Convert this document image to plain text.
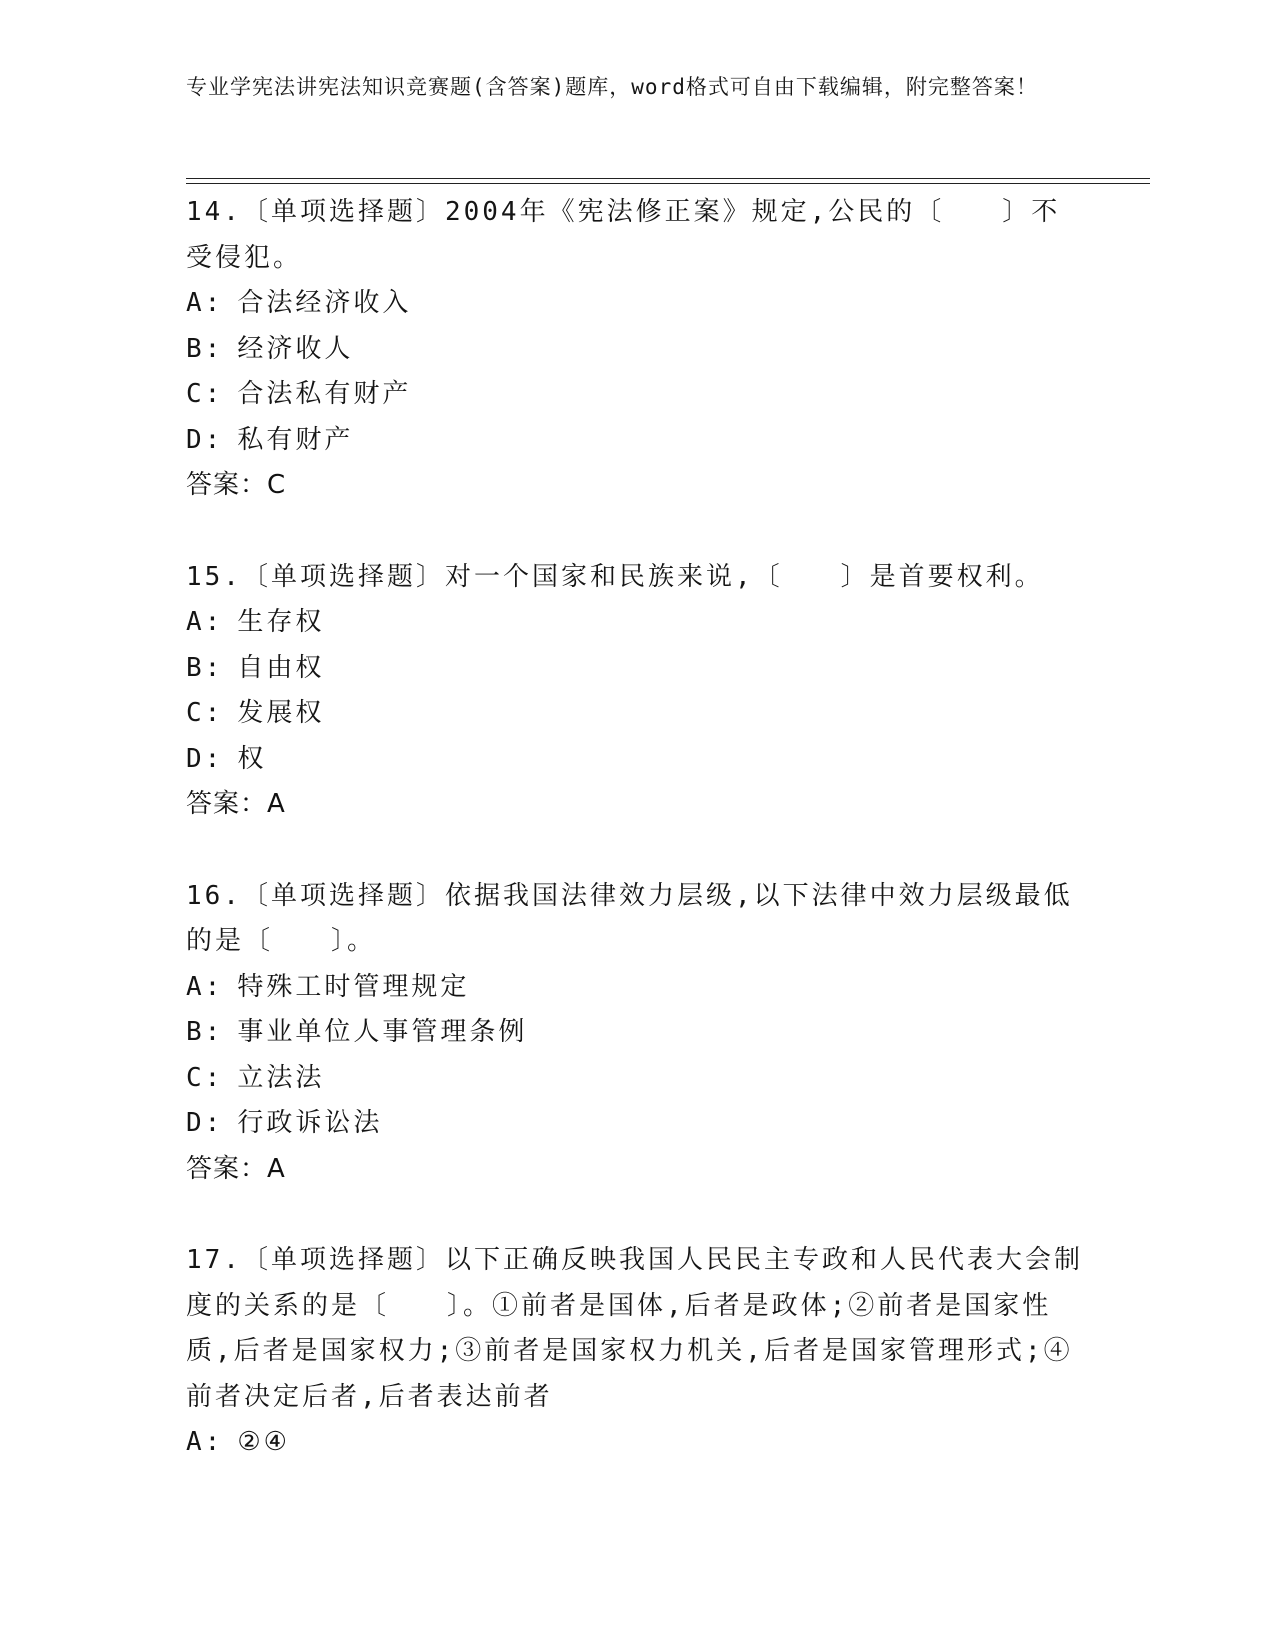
专业学宪法讲宪法知识竞赛题(含答案)题库，word格式可自由下载编辑，附完整答案！

14.〔单项选择题〕2004年《宪法修正案》规定,公民的〔　　〕不受侵犯。

A: 合法经济收入
B: 经济收人
C: 合法私有财产
D: 私有财产

答案：C

15.〔单项选择题〕对一个国家和民族来说,〔　　〕是首要权利。

A: 生存权
B: 自由权
C: 发展权
D: 权

答案：A

16.〔单项选择题〕依据我国法律效力层级,以下法律中效力层级最低的是〔　　〕。

A: 特殊工时管理规定
B: 事业单位人事管理条例
C: 立法法
D: 行政诉讼法

答案：A

17.〔单项选择题〕以下正确反映我国人民民主专政和人民代表大会制度的关系的是〔　　〕。①前者是国体,后者是政体;②前者是国家性质,后者是国家权力;③前者是国家权力机关,后者是国家管理形式;④前者决定后者,后者表达前者

A: ②④
